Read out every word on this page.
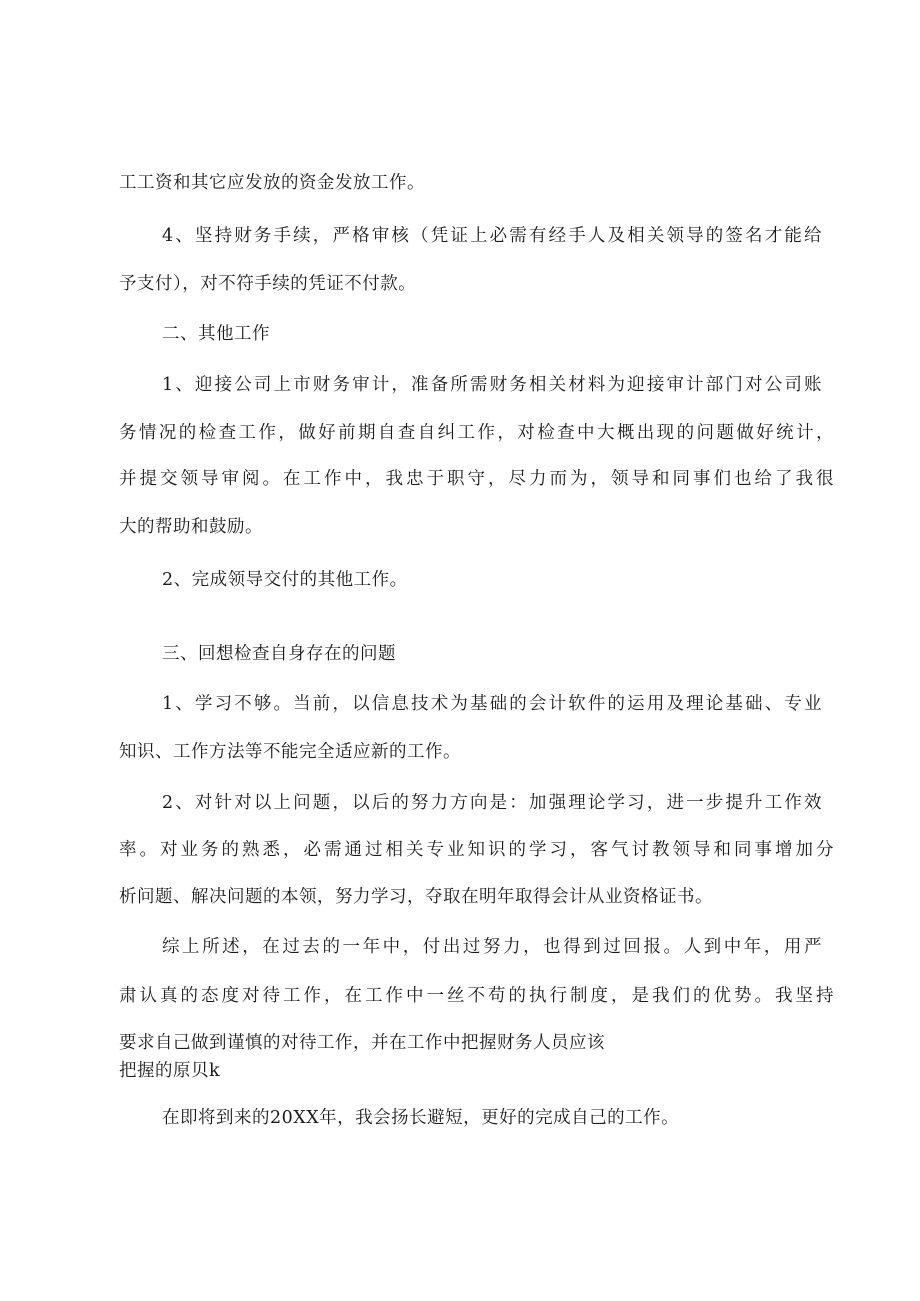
工工资和其它应发放的资金发放工作。
4、坚持财务手续，严格审核（凭证上必需有经手人及相关领导的签名才能给
予支付），对不符手续的凭证不付款。
二、其他工作
1、迎接公司上市财务审计，准备所需财务相关材料为迎接审计部门对公司账
务情况的检查工作，做好前期自查自纠工作，对检查中大概出现的问题做好统计，
并提交领导审阅。在工作中，我忠于职守，尽力而为，领导和同事们也给了我很
大的帮助和鼓励。
2、完成领导交付的其他工作。
三、回想检查自身存在的问题
1、学习不够。当前，以信息技术为基础的会计软件的运用及理论基础、专业
知识、工作方法等不能完全适应新的工作。
2、对针对以上问题，以后的努力方向是：加强理论学习，进一步提升工作效
率。对业务的熟悉，必需通过相关专业知识的学习，客气讨教领导和同事增加分
析问题、解决问题的本领，努力学习，夺取在明年取得会计从业资格证书。
综上所述，在过去的一年中，付出过努力，也得到过回报。人到中年，用严
肃认真的态度对待工作，在工作中一丝不苟的执行制度，是我们的优势。我坚持
要求自己做到谨慎的对待工作，并在工作中把握财务人员应该
把握的原贝k
在即将到来的20XX年，我会扬长避短，更好的完成自己的工作。
